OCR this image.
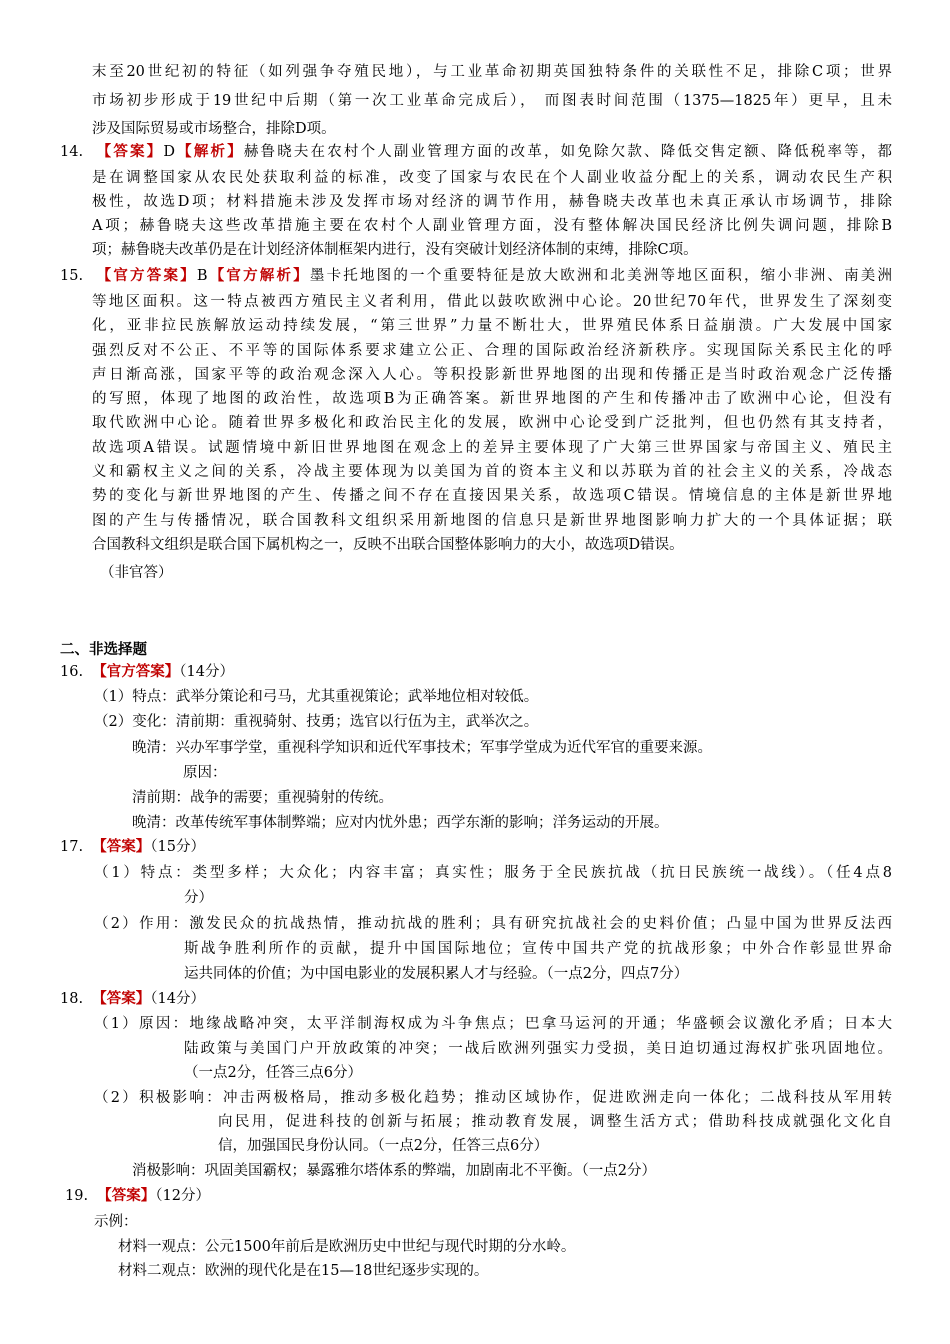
末至20世纪初的特征（如列强争夺殖民地），与工业革命初期英国独特条件的关联性不足，排除C项；世界
市场初步形成于19世纪中后期（第一次工业革命完成后）， 而图表时间范围（1375—1825年）更早，且未
涉及国际贸易或市场整合，排除D项。
14. 【答案】D【解析】赫鲁晓夫在农村个人副业管理方面的改革，如免除欠款、降低交售定额、降低税率等，都
是在调整国家从农民处获取利益的标准，改变了国家与农民在个人副业收益分配上的关系，调动农民生产积
极性，故选D项；材料措施未涉及发挥市场对经济的调节作用，赫鲁晓夫改革也未真正承认市场调节，排除
A项；赫鲁晓夫这些改革措施主要在农村个人副业管理方面，没有整体解决国民经济比例失调问题，排除B
项；赫鲁晓夫改革仍是在计划经济体制框架内进行，没有突破计划经济体制的束缚，排除C项。
15. 【官方答案】B【官方解析】墨卡托地图的一个重要特征是放大欧洲和北美洲等地区面积，缩小非洲、南美洲
等地区面积。这一特点被西方殖民主义者利用，借此以鼓吹欧洲中心论。20世纪70年代，世界发生了深刻变
化，亚非拉民族解放运动持续发展，“第三世界”力量不断壮大，世界殖民体系日益崩溃。广大发展中国家
强烈反对不公正、不平等的国际体系要求建立公正、合理的国际政治经济新秩序。实现国际关系民主化的呼
声日渐高涨，国家平等的政治观念深入人心。等积投影新世界地图的出现和传播正是当时政治观念广泛传播
的写照，体现了地图的政治性，故选项B为正确答案。新世界地图的产生和传播冲击了欧洲中心论，但没有
取代欧洲中心论。随着世界多极化和政治民主化的发展，欧洲中心论受到广泛批判，但也仍然有其支持者，
故选项A错误。试题情境中新旧世界地图在观念上的差异主要体现了广大第三世界国家与帝国主义、殖民主
义和霸权主义之间的关系，冷战主要体现为以美国为首的资本主义和以苏联为首的社会主义的关系，冷战态
势的变化与新世界地图的产生、传播之间不存在直接因果关系，故选项C错误。情境信息的主体是新世界地
图的产生与传播情况，联合国教科文组织采用新地图的信息只是新世界地图影响力扩大的一个具体证据；联
合国教科文组织是联合国下属机构之一，反映不出联合国整体影响力的大小，故选项D错误。
（非官答）
二、非选择题
16. 【官方答案】（14分）
（1）特点：武举分策论和弓马，尤其重视策论；武举地位相对较低。
（2）变化：清前期：重视骑射、技勇；选官以行伍为主，武举次之。
晚清：兴办军事学堂，重视科学知识和近代军事技术；军事学堂成为近代军官的重要来源。
原因：
清前期：战争的需要；重视骑射的传统。
晚清：改革传统军事体制弊端；应对内忧外患；西学东渐的影响；洋务运动的开展。
17. 【答案】（15分）
（1）特点：类型多样；大众化；内容丰富；真实性；服务于全民族抗战（抗日民族统一战线）。（任4点8
分）
（2）作用：激发民众的抗战热情，推动抗战的胜利；具有研究抗战社会的史料价值；凸显中国为世界反法西
斯战争胜利所作的贡献，提升中国国际地位；宣传中国共产党的抗战形象；中外合作彰显世界命
运共同体的价值；为中国电影业的发展积累人才与经验。（一点2分，四点7分）
18. 【答案】（14分）
（1）原因：地缘战略冲突，太平洋制海权成为斗争焦点；巴拿马运河的开通；华盛顿会议激化矛盾；日本大
陆政策与美国门户开放政策的冲突；一战后欧洲列强实力受损，美日迫切通过海权扩张巩固地位。
（一点2分，任答三点6分）
（2）积极影响：冲击两极格局，推动多极化趋势；推动区域协作，促进欧洲走向一体化；二战科技从军用转
向民用，促进科技的创新与拓展；推动教育发展，调整生活方式；借助科技成就强化文化自
信，加强国民身份认同。（一点2分，任答三点6分）
消极影响：巩固美国霸权；暴露雅尔塔体系的弊端，加剧南北不平衡。（一点2分）
19. 【答案】（12分）
示例：
材料一观点：公元1500年前后是欧洲历史中世纪与现代时期的分水岭。
材料二观点：欧洲的现代化是在15—18世纪逐步实现的。
